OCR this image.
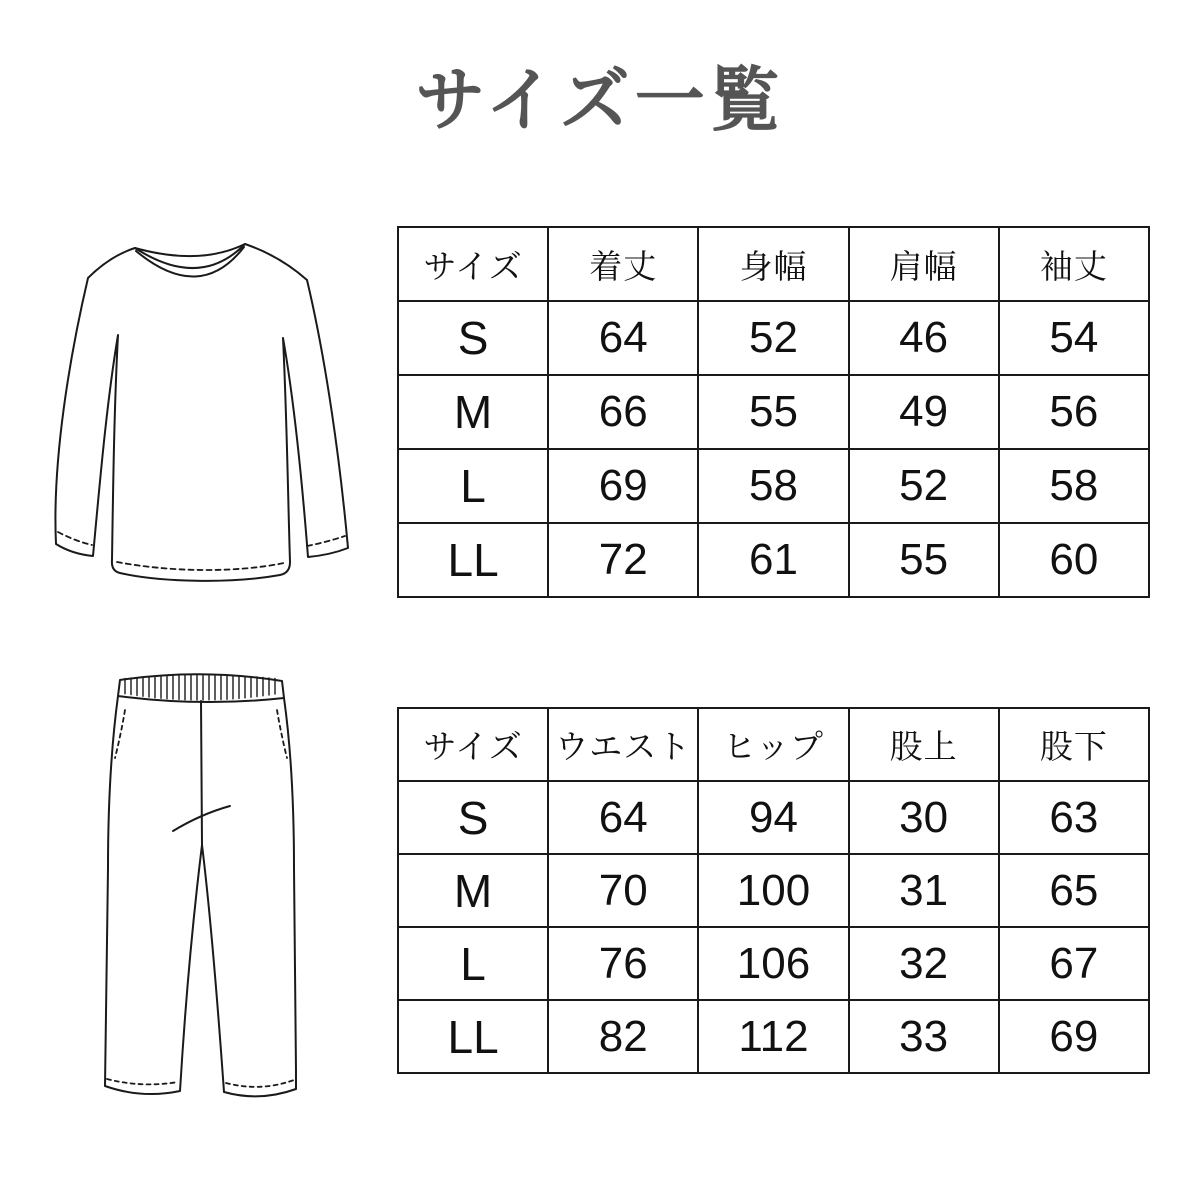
サイズ一覧
サイズ	着丈	身幅	肩幅	袖丈
S	64	52	46	54
M	66	55	49	56
L	69	58	52	58
LL	72	61	55	60
サイズ	ウエスト	ヒップ	股上	股下
S	64	94	30	63
M	70	100	31	65
L	76	106	32	67
LL	82	112	33	69
